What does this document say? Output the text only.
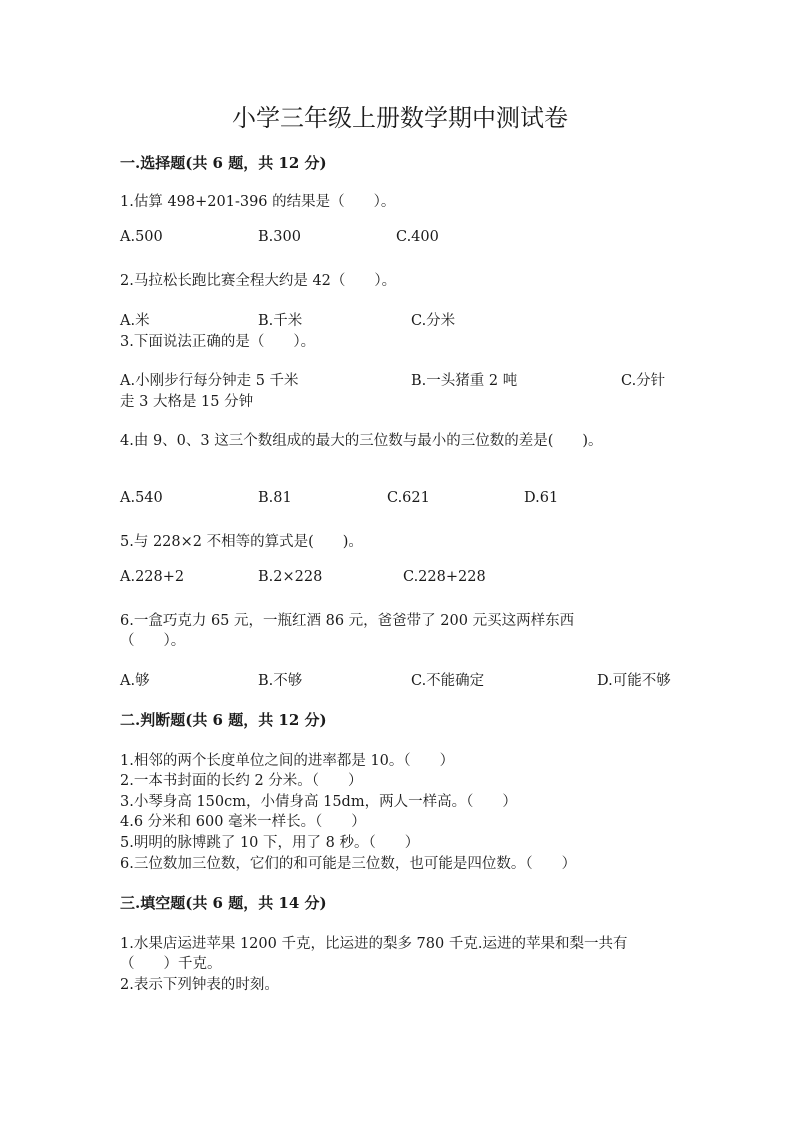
小学三年级上册数学期中测试卷
一.选择题(共 6 题，共 12 分)
1.估算 498+201-396 的结果是（　　）。
A.500	B.300	C.400
2.马拉松长跑比赛全程大约是 42（　　）。
A.米	B.千米	C.分米
3.下面说法正确的是（　　）。
A.小刚步行每分钟走 5 千米	B.一头猪重 2 吨	C.分针
走 3 大格是 15 分钟
4.由 9、0、3 这三个数组成的最大的三位数与最小的三位数的差是(　　)。
A.540	B.81	C.621	D.61
5.与 228×2 不相等的算式是(　　)。
A.228+2	B.2×228	C.228+228
6.一盒巧克力 65 元，一瓶红酒 86 元，爸爸带了 200 元买这两样东西
（　　）。
A.够	B.不够	C.不能确定	D.可能不够
二.判断题(共 6 题，共 12 分)
1.相邻的两个长度单位之间的进率都是 10。（　　）
2.一本书封面的长约 2 分米。（　　）
3.小琴身高 150cm，小倩身高 15dm，两人一样高。（　　）
4.6 分米和 600 毫米一样长。（　　）
5.明明的脉博跳了 10 下，用了 8 秒。（　　）
6.三位数加三位数，它们的和可能是三位数，也可能是四位数。（　　）
三.填空题(共 6 题，共 14 分)
1.水果店运进苹果 1200 千克，比运进的梨多 780 千克.运进的苹果和梨一共有
（　　）千克。
2.表示下列钟表的时刻。
